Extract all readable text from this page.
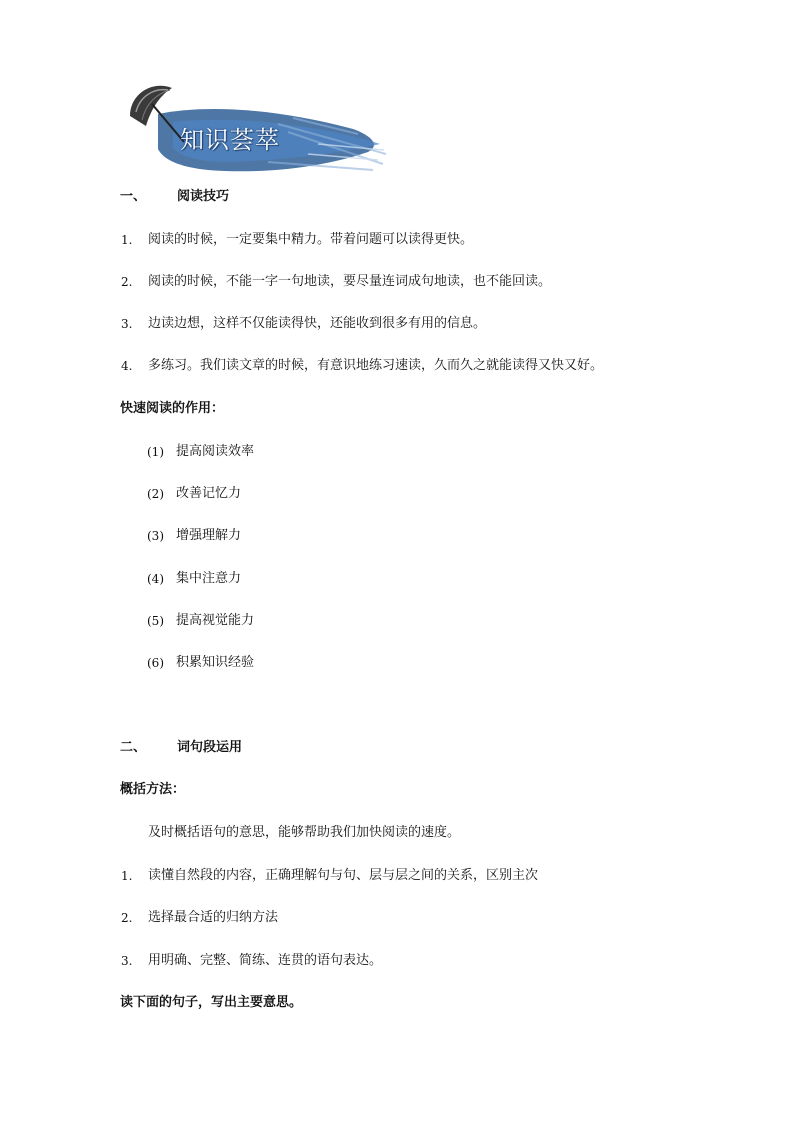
知识荟萃
一、 阅读技巧
1. 阅读的时候，一定要集中精力。带着问题可以读得更快。
2. 阅读的时候，不能一字一句地读，要尽量连词成句地读，也不能回读。
3. 边读边想，这样不仅能读得快，还能收到很多有用的信息。
4. 多练习。我们读文章的时候，有意识地练习速读，久而久之就能读得又快又好。
快速阅读的作用：
(1) 提高阅读效率
(2) 改善记忆力
(3) 增强理解力
(4) 集中注意力
(5) 提高视觉能力
(6) 积累知识经验
二、 词句段运用
概括方法：
及时概括语句的意思，能够帮助我们加快阅读的速度。
1. 读懂自然段的内容，正确理解句与句、层与层之间的关系，区别主次
2. 选择最合适的归纳方法
3. 用明确、完整、简练、连贯的语句表达。
读下面的句子，写出主要意思。
